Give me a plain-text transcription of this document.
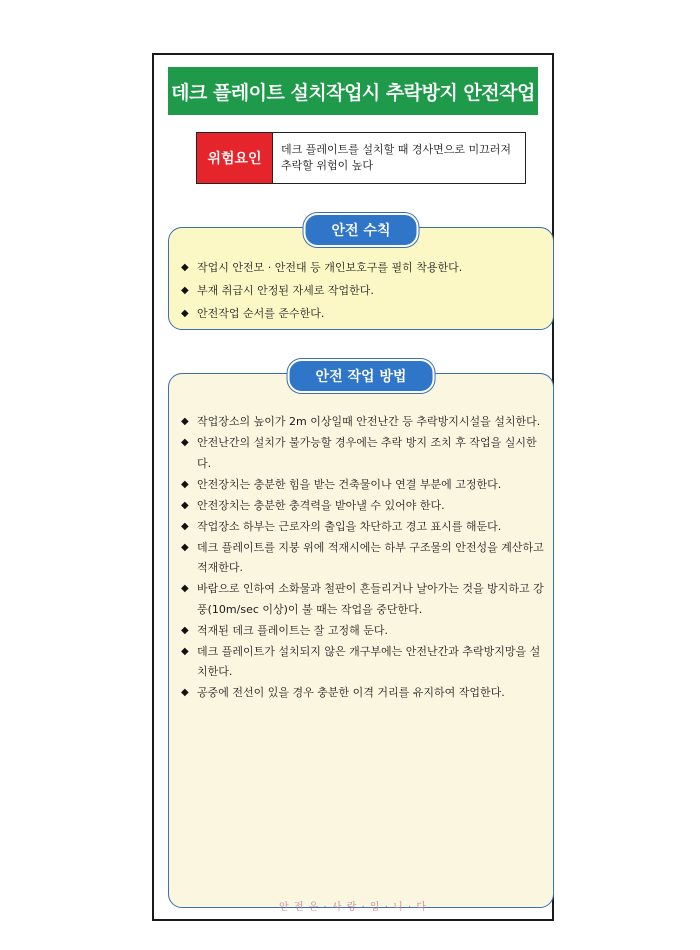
데크 플레이트 설치작업시 추락방지 안전작업
위험요인
데크 플레이트를 설치할 때 경사면으로 미끄러져 추락할 위험이 높다
안전 수칙
◆ 작업시 안전모 · 안전대 등 개인보호구를 필히 착용한다.
◆ 부재 취급시 안정된 자세로 작업한다.
◆ 안전작업 순서를 준수한다.
안전 작업 방법
◆ 작업장소의 높이가 2m 이상일때 안전난간 등 추락방지시설을 설치한다.
◆ 안전난간의 설치가 불가능할 경우에는 추락 방지 조치 후 작업을 실시한다.
◆ 안전장치는 충분한 힘을 받는 건축물이나 연결 부분에 고정한다.
◆ 안전장치는 충분한 충격력을 받아낼 수 있어야 한다.
◆ 작업장소 하부는 근로자의 출입을 차단하고 경고 표시를 해둔다.
◆ 데크 플레이트를 지붕 위에 적재시에는 하부 구조물의 안전성을 계산하고 적재한다.
◆ 바람으로 인하여 소화물과 철판이 흔들리거나 날아가는 것을 방지하고 강풍(10m/sec 이상)이 불 때는 작업을 중단한다.
◆ 적재된 데크 플레이트는 잘 고정해 둔다.
◆ 데크 플레이트가 설치되지 않은 개구부에는 안전난간과 추락방지망을 설치한다.
◆ 공중에 전선이 있을 경우 충분한 이격 거리를 유지하여 작업한다.
안 전 은 · 사 랑 · 입 · 니 · 다
